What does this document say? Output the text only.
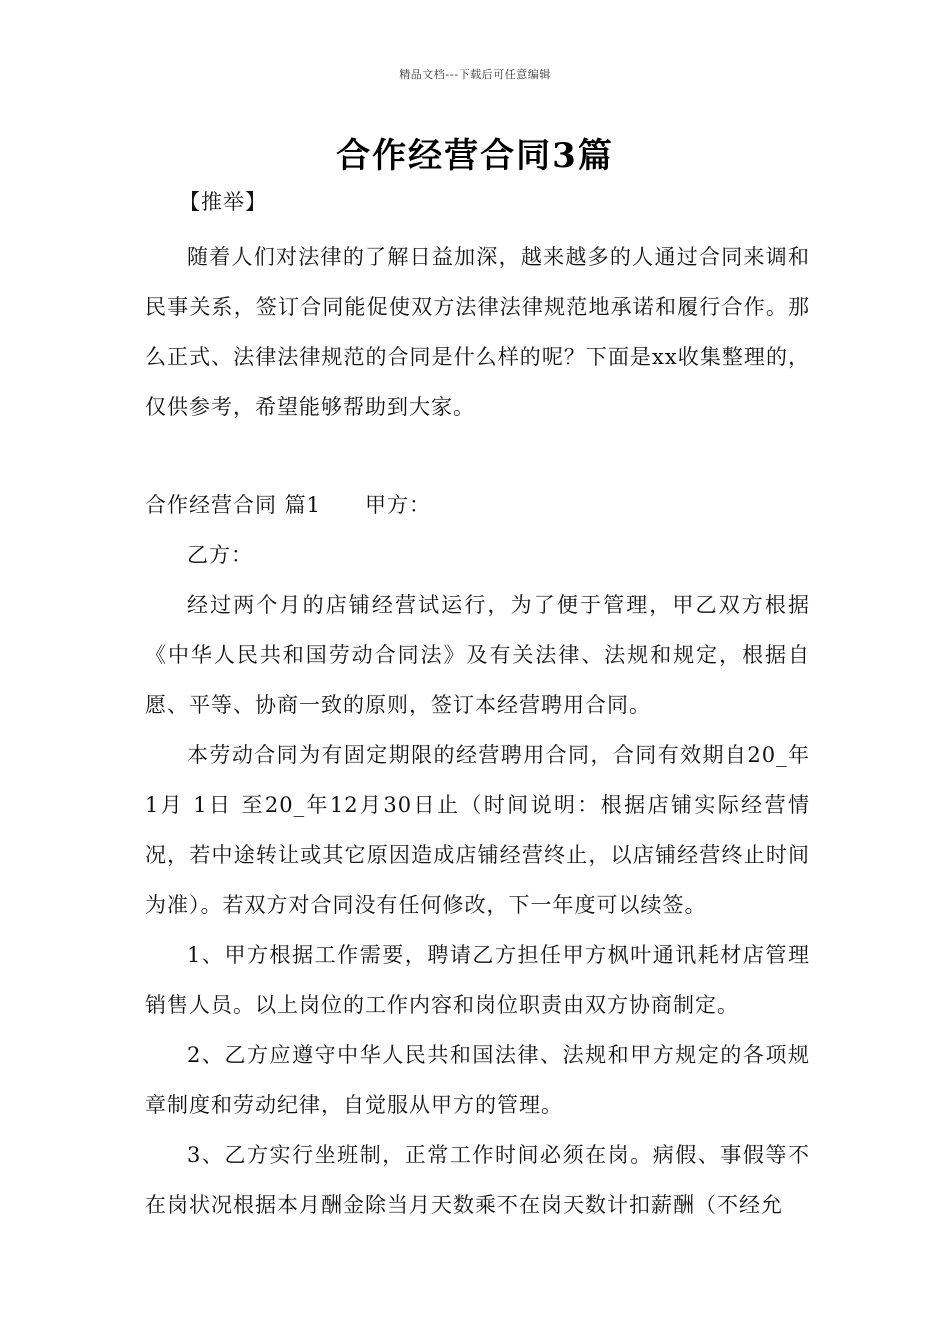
精品文档---下载后可任意编辑
合作经营合同3篇

【推举】

随着人们对法律的了解日益加深，越来越多的人通过合同来调和民事关系，签订合同能促使双方法律法律规范地承诺和履行合作。那么正式、法律法律规范的合同是什么样的呢？下面是xx收集整理的，仅供参考，希望能够帮助到大家。

合作经营合同 篇1 甲方：

乙方：

经过两个月的店铺经营试运行，为了便于管理，甲乙双方根据《中华人民共和国劳动合同法》及有关法律、法规和规定，根据自愿、平等、协商一致的原则，签订本经营聘用合同。

本劳动合同为有固定期限的经营聘用合同，合同有效期自20_年1月 1日 至20_年12月30日止（时间说明：根据店铺实际经营情况，若中途转让或其它原因造成店铺经营终止，以店铺经营终止时间为准）。若双方对合同没有任何修改，下一年度可以续签。

1、甲方根据工作需要，聘请乙方担任甲方枫叶通讯耗材店管理销售人员。以上岗位的工作内容和岗位职责由双方协商制定。

2、乙方应遵守中华人民共和国法律、法规和甲方规定的各项规章制度和劳动纪律，自觉服从甲方的管理。

3、乙方实行坐班制，正常工作时间必须在岗。病假、事假等不在岗状况根据本月酬金除当月天数乘不在岗天数计扣薪酬（不经允
